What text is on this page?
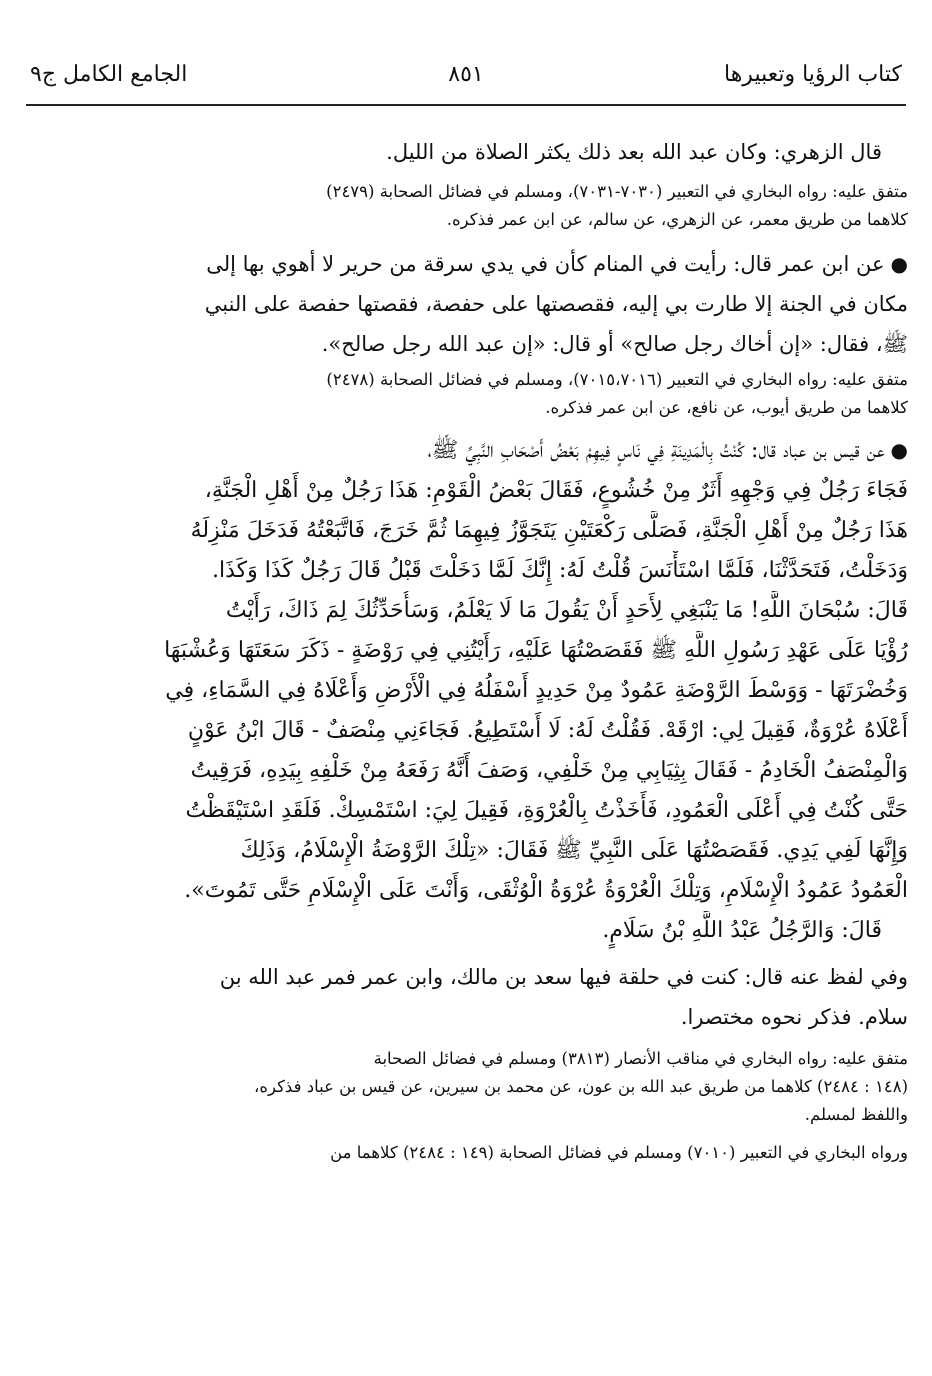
الجامع الكامل ج٩	٨٥١	كتاب الرؤيا وتعبيرها
قال الزهري: وكان عبد الله بعد ذلك يكثر الصلاة من الليل.
متفق عليه: رواه البخاري في التعبير (٧٠٣٠-٧٠٣١)، ومسلم في فضائل الصحابة (٢٤٧٩)
كلاهما من طريق معمر، عن الزهري، عن سالم، عن ابن عمر فذكره.
●عن ابن عمر قال: رأيت في المنام كأن في يدي سرقة من حرير لا أهوي بها إلى
مكان في الجنة إلا طارت بي إليه، فقصصتها على حفصة، فقصتها حفصة على النبي
ﷺ، فقال: «إن أخاك رجل صالح» أو قال: «إن عبد الله رجل صالح».
متفق عليه: رواه البخاري في التعبير (٧٠١٥،٧٠١٦)، ومسلم في فضائل الصحابة (٢٤٧٨)
كلاهما من طريق أيوب، عن نافع، عن ابن عمر فذكره.
●عن قيس بن عباد قال: كُنْتُ بِالْمَدِينَةِ فِي نَاسٍ فِيهِمْ بَعْضُ أَصْحَابِ النَّبِيِّ ﷺ،
فَجَاءَ رَجُلٌ فِي وَجْهِهِ أَثَرٌ مِنْ خُشُوعٍ، فَقَالَ بَعْضُ الْقَوْمِ: هَذَا رَجُلٌ مِنْ أَهْلِ الْجَنَّةِ،
هَذَا رَجُلٌ مِنْ أَهْلِ الْجَنَّةِ، فَصَلَّى رَكْعَتَيْنِ يَتَجَوَّزُ فِيهِمَا ثُمَّ خَرَجَ، فَاتَّبَعْتُهُ فَدَخَلَ مَنْزِلَهُ
وَدَخَلْتُ، فَتَحَدَّثْنَا، فَلَمَّا اسْتَأْنَسَ قُلْتُ لَهُ: إِنَّكَ لَمَّا دَخَلْتَ قَبْلُ قَالَ رَجُلٌ كَذَا وَكَذَا.
قَالَ: سُبْحَانَ اللَّهِ! مَا يَنْبَغِي لِأَحَدٍ أَنْ يَقُولَ مَا لَا يَعْلَمُ، وَسَأُحَدِّثُكَ لِمَ ذَاكَ، رَأَيْتُ
رُؤْيَا عَلَى عَهْدِ رَسُولِ اللَّهِ ﷺ فَقَصَصْتُهَا عَلَيْهِ، رَأَيْتُنِي فِي رَوْضَةٍ - ذَكَرَ سَعَتَهَا وَعُشْبَهَا
وَخُضْرَتَهَا - وَوَسْطَ الرَّوْضَةِ عَمُودٌ مِنْ حَدِيدٍ أَسْفَلُهُ فِي الْأَرْضِ وَأَعْلَاهُ فِي السَّمَاءِ، فِي
أَعْلَاهُ عُرْوَةٌ، فَقِيلَ لِي: ارْقَهْ. فَقُلْتُ لَهُ: لَا أَسْتَطِيعُ. فَجَاءَنِي مِنْصَفٌ - قَالَ ابْنُ عَوْنٍ
وَالْمِنْصَفُ الْخَادِمُ - فَقَالَ بِثِيَابِي مِنْ خَلْفِي، وَصَفَ أَنَّهُ رَفَعَهُ مِنْ خَلْفِهِ بِيَدِهِ، فَرَقِيتُ
حَتَّى كُنْتُ فِي أَعْلَى الْعَمُودِ، فَأَخَذْتُ بِالْعُرْوَةِ، فَقِيلَ لِيَ: اسْتَمْسِكْ. فَلَقَدِ اسْتَيْقَظْتُ
وَإِنَّهَا لَفِي يَدِي. فَقَصَصْتُهَا عَلَى النَّبِيِّ ﷺ فَقَالَ: «تِلْكَ الرَّوْضَةُ الْإِسْلَامُ، وَذَلِكَ
الْعَمُودُ عَمُودُ الْإِسْلَامِ، وَتِلْكَ الْعُرْوَةُ عُرْوَةُ الْوُثْقَى، وَأَنْتَ عَلَى الْإِسْلَامِ حَتَّى تَمُوتَ».
قَالَ: وَالرَّجُلُ عَبْدُ اللَّهِ بْنُ سَلَامٍ.
وفي لفظ عنه قال: كنت في حلقة فيها سعد بن مالك، وابن عمر فمر عبد الله بن
سلام. فذكر نحوه مختصرا.
متفق عليه: رواه البخاري في مناقب الأنصار (٣٨١٣) ومسلم في فضائل الصحابة
(١٤٨ : ٢٤٨٤) كلاهما من طريق عبد الله بن عون، عن محمد بن سيرين، عن قيس بن عباد فذكره،
واللفظ لمسلم.
ورواه البخاري في التعبير (٧٠١٠) ومسلم في فضائل الصحابة (١٤٩ : ٢٤٨٤) كلاهما من
